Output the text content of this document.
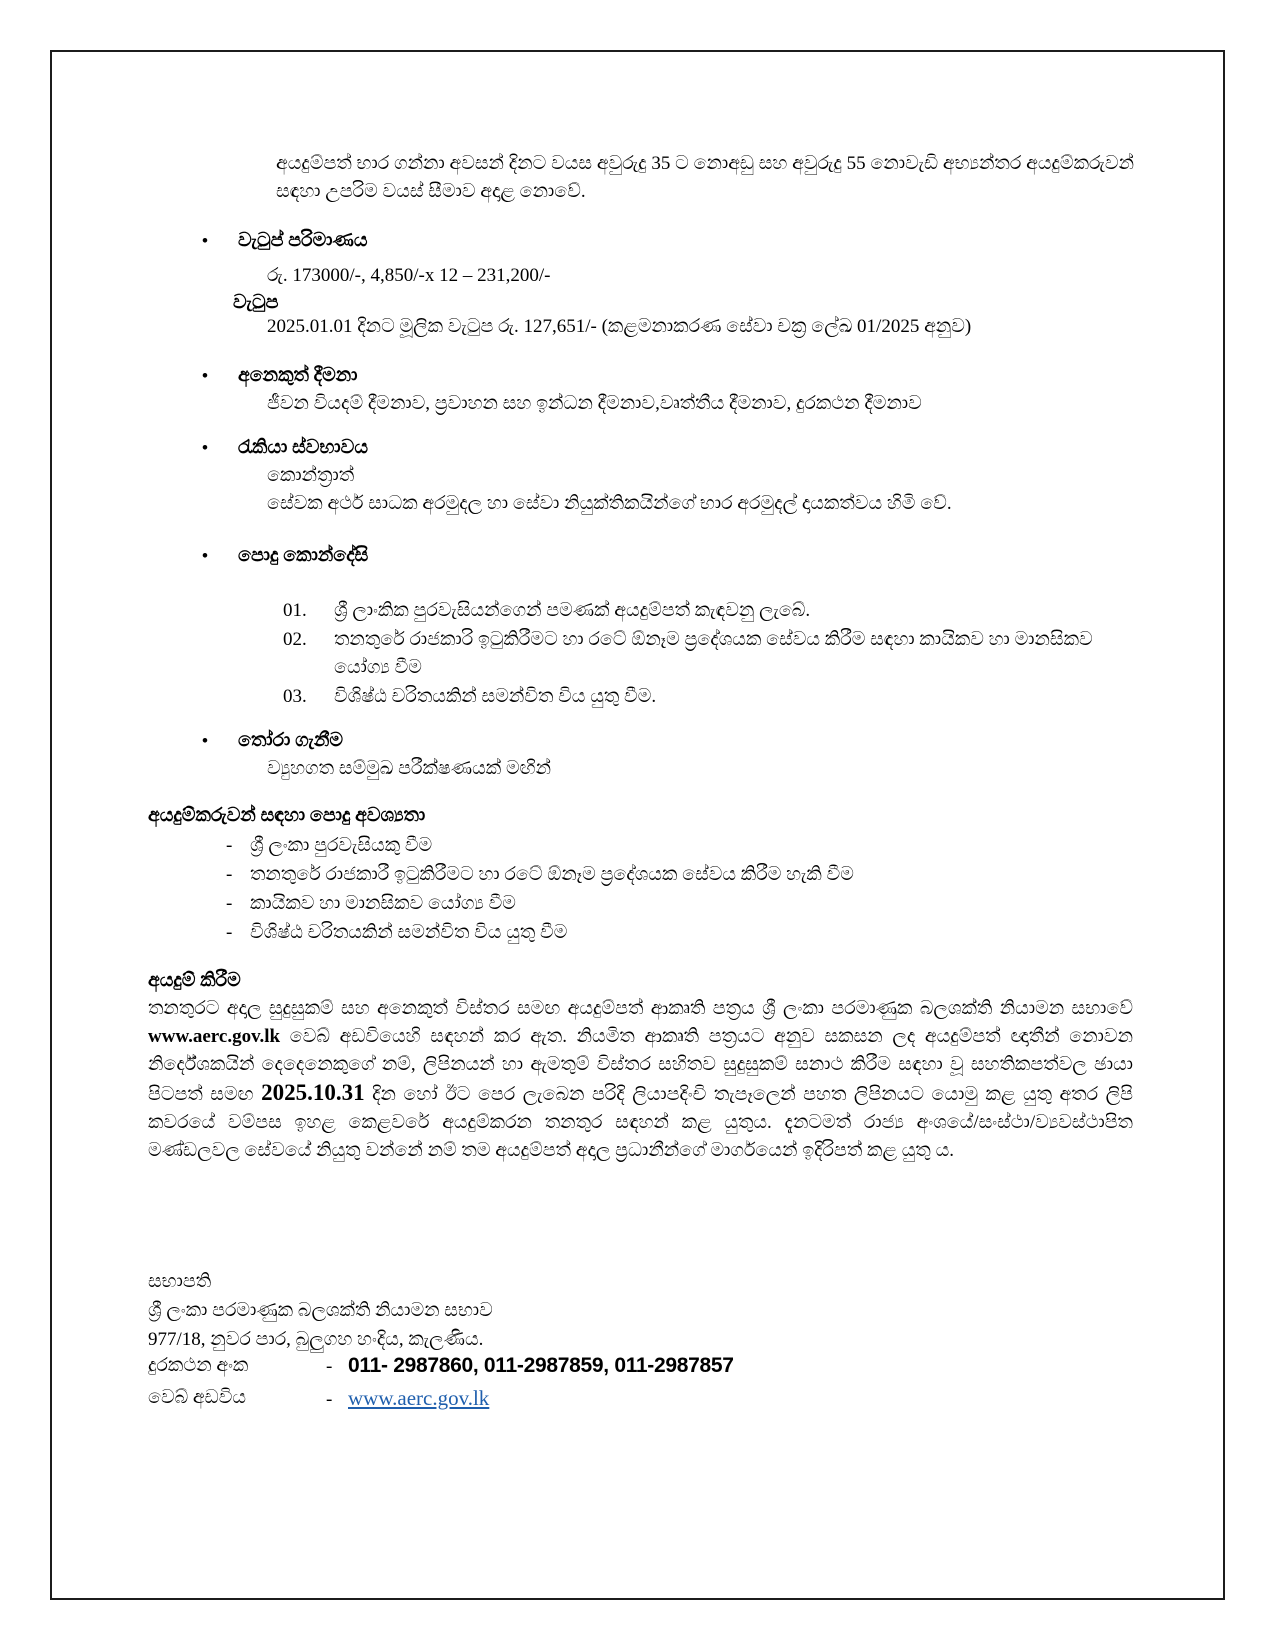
අයදුම්පත් භාර ගන්නා අවසන් දිනට වයස අවුරුදු 35 ට නොඅඩු සහ අවුරුදු 55 නොවැඩි අභ්‍යන්තර අයදුම්කරුවන් සඳහා උපරිම වයස් සීමාව අදාළ නොවේ.
•	වැටුප් පරිමාණය
රු. 173000/-, 4,850/-x 12 – 231,200/-
වැටුප
2025.01.01 දිනට මූලික වැටුප රු. 127,651/- (කළමනාකරණ සේවා චක්‍ර ලේඛ 01/2025 අනුව)
•	අනෙකුත් දීමනා
ජීවන වියදම් දීමනාව, ප්‍රවාහන සහ ඉන්ධන දීමනාව,වෘත්තීය දීමනාව, දුරකථන දීමනාව
•	රැකියා ස්වභාවය
කොන්ත්‍රාත්
සේවක අර්ථ සාධක අරමුදල හා සේවා නියුක්තිකයින්ගේ භාර අරමුදල් දායකත්වය හිමි වේ.
•	පොදු කොන්දේසි
01.	ශ්‍රී ලාංකික පුරවැසියන්ගෙන් පමණක් අයදුම්පත් කැඳවනු ලැබේ.
02.	තනතුරේ රාජකාරි ඉටුකිරීමට හා රටේ ඕනෑම ප්‍රදේශයක සේවය කිරීම සඳහා කායිකව හා මානසිකව යෝග්‍ය වීම
03.	විශිෂ්ඨ චරිතයකින් සමන්විත විය යුතු වීම.
•	තෝරා ගැනීම
ව්‍යුහගත සම්මුඛ පරීක්ෂණයක් මඟින්
අයදුම්කරුවන් සඳහා පොදු අවශ්‍යතා
- ශ්‍රී ලංකා පුරවැසියකු වීම
- තනතුරේ රාජකාරී ඉටුකිරීමට හා රටේ ඕනෑම ප්‍රදේශයක සේවය කිරීම හැකි වීම
- කායිකව හා මානසිකව යෝග්‍ය වීම
- විශිෂ්ඨ චරිතයකින් සමන්විත විය යුතු වීම
අයදුම් කිරීම
තනතුරට අදාල සුදුසුකම් සහ අනෙකුත් විස්තර සමඟ අයදුම්පත් ආකෘති පත්‍රය ශ්‍රී ලංකා පරමාණුක බලශක්ති නියාමන සභාවේ www.aerc.gov.lk වෙබ් අඩවියෙහි සඳහන් කර ඇත. නියමිත ආකෘති පත්‍රයට අනුව සකසන ලද අයදුම්පත් ඥාතීන් නොවන නිර්දේශකයින් දෙදෙනෙකුගේ නම්, ලිපිනයන් හා ඇමතුම් විස්තර සහිතව සුදුසුකම් සනාථ කිරීම සඳහා වූ සහතිකපත්වල ඡායා පිටපත් සමඟ 2025.10.31 දින හෝ ඊට පෙර ලැබෙන පරිදි ලියාපදිංචි තැපෑලෙන් පහත ලිපිනයට යොමු කළ යුතු අතර ලිපි කවරයේ වම්පස ඉහළ කෙළවරේ අයදුම්කරන තනතුර සඳහන් කළ යුතුය. දැනටමත් රාජ්‍ය අංශයේ/සංස්ථා/ව්‍යවස්ථාපිත මණ්ඩලවල සේවයේ නියුතු වන්නේ නම් තම අයදුම්පත් අදාල ප්‍රධානීන්ගේ මාර්ගයෙන් ඉදිරිපත් කළ යුතු ය.
සභාපති
ශ්‍රී ලංකා පරමාණුක බලශක්ති නියාමන සභාව
977/18, නුවර පාර, බුලුගහ හංදිය, කැලණිය.
දුරකථන අංක	- 011- 2987860, 011-2987859, 011-2987857
වෙබ් අඩවිය	- www.aerc.gov.lk
